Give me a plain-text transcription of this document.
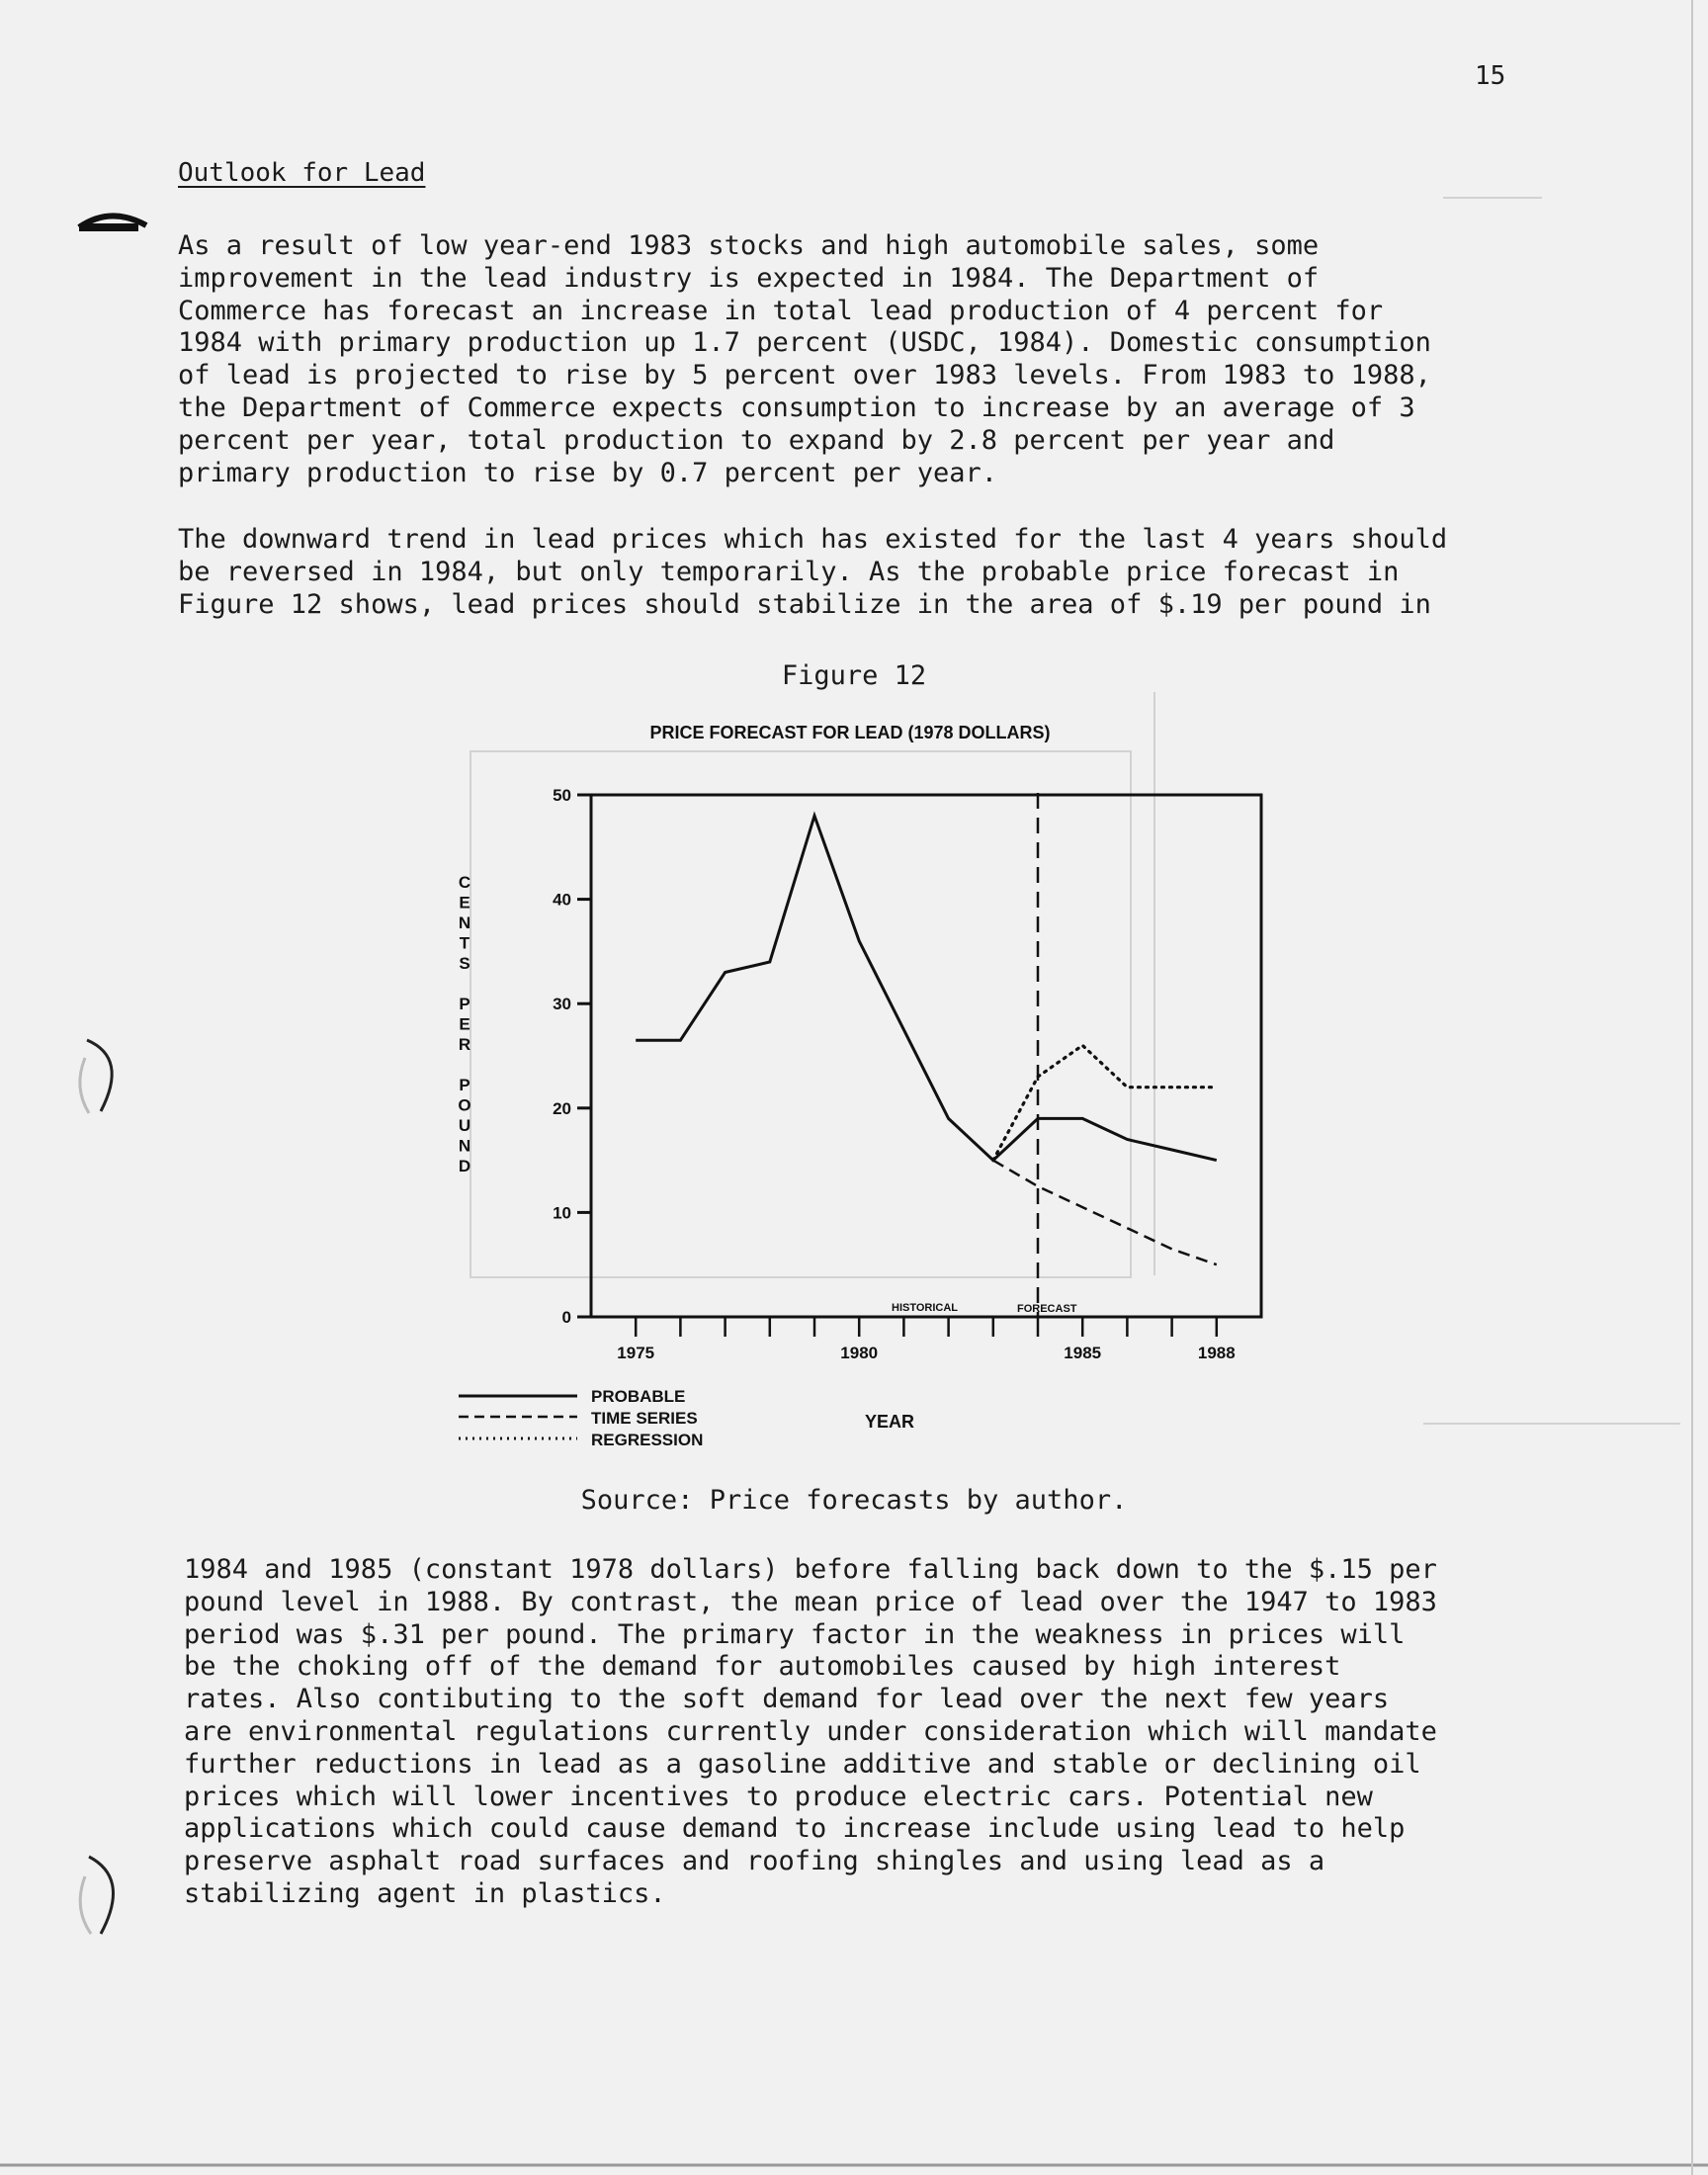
15
Outlook for Lead
As a result of low year-end 1983 stocks and high automobile sales, some
improvement in the lead industry is expected in 1984. The Department of
Commerce has forecast an increase in total lead production of 4 percent for
1984 with primary production up 1.7 percent (USDC, 1984). Domestic consumption
of lead is projected to rise by 5 percent over 1983 levels. From 1983 to 1988,
the Department of Commerce expects consumption to increase by an average of 3
percent per year, total production to expand by 2.8 percent per year and
primary production to rise by 0.7 percent per year.
The downward trend in lead prices which has existed for the last 4 years should
be reversed in 1984, but only temporarily. As the probable price forecast in
Figure 12 shows, lead prices should stabilize in the area of $.19 per pound in
Figure 12
PRICE FORECAST FOR LEAD (1978 DOLLARS)
C E N T S P E R P O U N D
0
10
20
30
40
50
1975	1980	1985	1988
HISTORICAL	FORECAST
PROBABLE
TIME SERIES
REGRESSION
YEAR
Source: Price forecasts by author.
1984 and 1985 (constant 1978 dollars) before falling back down to the $.15 per
pound level in 1988. By contrast, the mean price of lead over the 1947 to 1983
period was $.31 per pound. The primary factor in the weakness in prices will
be the choking off of the demand for automobiles caused by high interest
rates. Also contibuting to the soft demand for lead over the next few years
are environmental regulations currently under consideration which will mandate
further reductions in lead as a gasoline additive and stable or declining oil
prices which will lower incentives to produce electric cars. Potential new
applications which could cause demand to increase include using lead to help
preserve asphalt road surfaces and roofing shingles and using lead as a
stabilizing agent in plastics.
